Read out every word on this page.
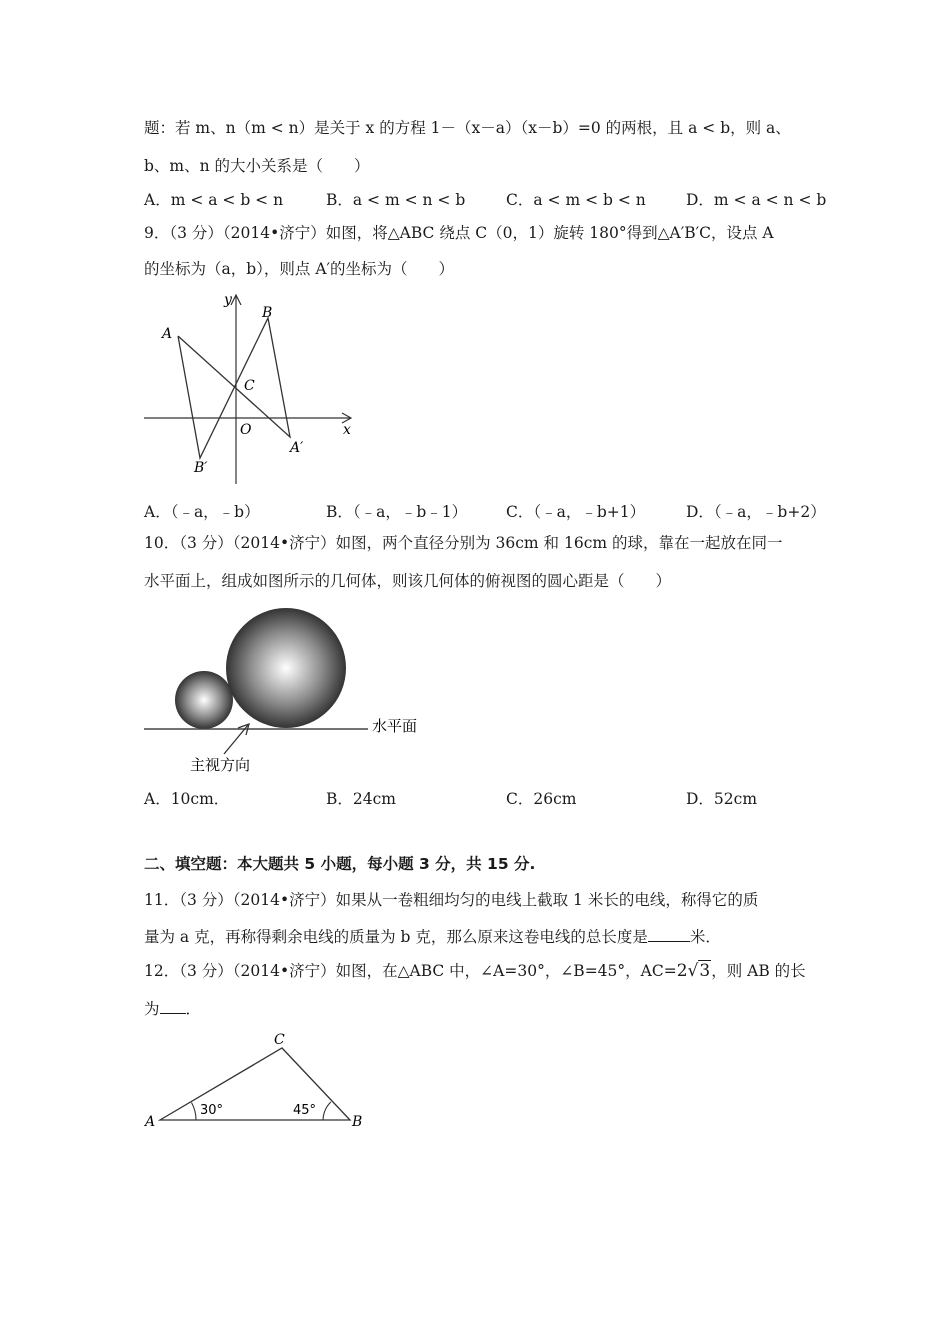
题：若 m、n（m < n）是关于 x 的方程 1－（x－a）（x－b）=0 的两根，且 a < b，则 a、
b、m、n 的大小关系是（　　）
A．m < a < b < n	B．a < m < n < b	C．a < m < b < n	D．m < a < n < b
9．（3 分）（2014•济宁）如图，将△ABC 绕点 C（0，1）旋转 180°得到△A′B′C，设点 A
的坐标为（a，b），则点 A′的坐标为（　　）
y
x
A
B
C
O
A′
B′
A．（﹣a，﹣b）	B．（﹣a，﹣b﹣1）	C．（﹣a，﹣b+1）	D．（﹣a，﹣b+2）
10．（3 分）（2014•济宁）如图，两个直径分别为 36cm 和 16cm 的球，靠在一起放在同一
水平面上，组成如图所示的几何体，则该几何体的俯视图的圆心距是（　　）
水平面
主视方向
A．10cm．	B．24cm	C．26cm	D．52cm
二、填空题：本大题共 5 小题，每小题 3 分，共 15 分.
11．（3 分）（2014•济宁）如果从一卷粗细均匀的电线上截取 1 米长的电线，称得它的质
量为 a 克，再称得剩余电线的质量为 b 克，那么原来这卷电线的总长度是	米．
12．（3 分）（2014•济宁）如图，在△ABC 中，∠A=30°，∠B=45°，AC=2√3，则 AB 的长
为 ．
A	B
C
30°	45°
